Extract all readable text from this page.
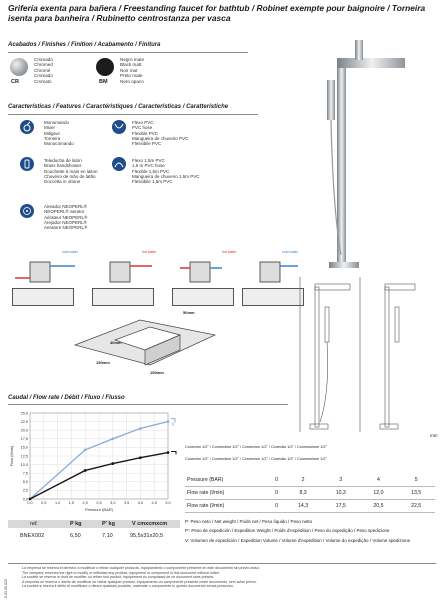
Grifería exenta para bañera / Freestanding faucet for bathtub / Robinet exempte pour baignoire / Torneira isenta para banheira / Rubinetto centrostanza per vasca
Acabados / Finishes / Finition / Acabamento / Finitura
CR
Cromado
Chromed
Chromé
Cromado
Cromato	BM
Negro mate
Black matt
Noir mat
Preto mate
Nero opaco
Características / Features / Caractéristiques / Características / Caratteristiche
Monomando
Mixer
Mitigeur
Torneira
Monocomando
Flexo PVC
PVC hose
Flexible PVC
Mangueira de chuveiro PVC
Flessibile PVC
Teleducha de latón
Brass handshower
Douchette à main en laiton
Chuveiro de mão de latão
Doccetta in ottone
Flexo 1,5m PVC
1,5 m PVC hose
Flexible 1,5m PVC
Mangueira de chuveiro 1,5m PVC
Flessibile 1,5m PVC
Aireador NEOPERL®
NEOPERL® aerator
Aérateur NEOPERL®
Arejador NEOPERL®
Aeratore NEOPERL®
cold water	hot water	hot water	cold water
50mm
40mm
150mm
150mm
mm
Caudal / Flow rate / Débit / Fluxo / Flusso
0,0
2,5
5,0
7,5
10,0
12,5
15,0
17,5
20,0
22,5
25,0
0,0 0,5 1,0 1,5 2,0 2,5 3,0 3,5 4,0 4,5 5,0
Pressure (BAR)
Flow (l/min)
ref.	P kg	P' kg	V cmxcmxcm
BNEX002	6,50	7,10	95,5x31x20,5
Conexión 1/2" / Connection 1/2" / Connexion 1/2" / Conexão 1/2" / Connessione 1/2"
Conexión 1/2" / Connection 1/2" / Connexion 1/2" / Conexão 1/2" / Connessione 1/2"
Pressure (BAR)	0	2	3	4	5
Flow rate (l/min)	0	8,3	10,3	12,0	13,5
Flow rate (l/min)	0	14,3	17,5	20,5	22,5
P: Peso neto / Net weight / Poids net / Peso líquido / Peso netto
P': Peso de expedición / Expedition Weight / Poids d'expédition / Peso do expedição / Peso spedizione
V: Volumen de expedición / Expedition Volume / Volume d'expédition / Volume do expedição / Volume spedizione
La empresa se reserva el derecho a modificar o retirar cualquier producto, equipamiento o componente presente en este documento sin previo aviso.
The company reserves the right to modify or withdraw any product, equipment or component in this document without notice.
La société se réserve le droit de modifier ou retirer tout produit, équipement ou composant de ce document sans préavis.
A empresa se reserva o direito de modificar ou retirar qualquer produto, equipamento ou componente presente neste documento, sem aviso prévio.
La società si riserva il diritto di modificare o ritirare qualsiasi prodotto, materiale o componente in questo documento senza preavviso.
0.03.00.020
